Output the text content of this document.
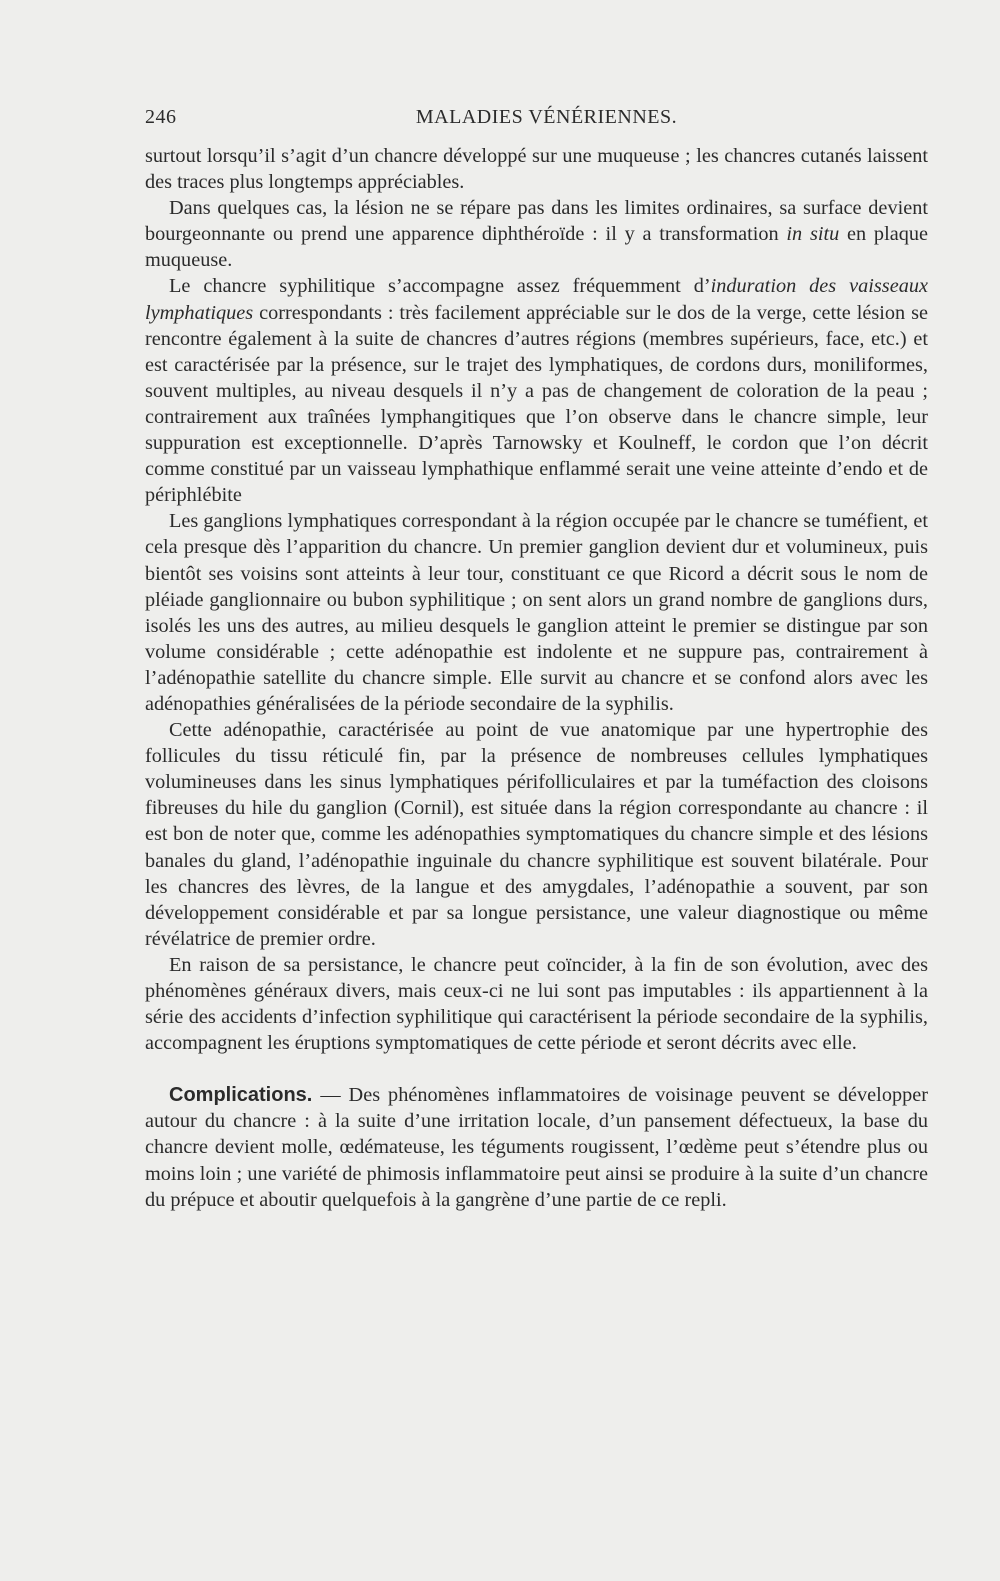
246	MALADIES VÉNÉRIENNES.

surtout lorsqu’il s’agit d’un chancre développé sur une muqueuse ; les chancres cutanés laissent des traces plus longtemps appréciables.

Dans quelques cas, la lésion ne se répare pas dans les limites ordinaires, sa surface devient bourgeonnante ou prend une apparence diphthéroïde : il y a transformation in situ en plaque muqueuse.

Le chancre syphilitique s’accompagne assez fréquemment d’induration des vaisseaux lymphatiques correspondants : très facilement appréciable sur le dos de la verge, cette lésion se rencontre également à la suite de chancres d’autres régions (membres supérieurs, face, etc.) et est caractérisée par la présence, sur le trajet des lymphatiques, de cordons durs, moniliformes, souvent multiples, au niveau desquels il n’y a pas de changement de coloration de la peau ; contrairement aux traînées lymphangitiques que l’on observe dans le chancre simple, leur suppuration est exceptionnelle. D’après Tarnowsky et Koulneff, le cordon que l’on décrit comme constitué par un vaisseau lymphathique enflammé serait une veine atteinte d’endo et de périphlébite

Les ganglions lymphatiques correspondant à la région occupée par le chancre se tuméfient, et cela presque dès l’apparition du chancre. Un premier ganglion devient dur et volumineux, puis bientôt ses voisins sont atteints à leur tour, constituant ce que Ricord a décrit sous le nom de pléiade ganglionnaire ou bubon syphilitique ; on sent alors un grand nombre de ganglions durs, isolés les uns des autres, au milieu desquels le ganglion atteint le premier se distingue par son volume considérable ; cette adénopathie est indolente et ne suppure pas, contrairement à l’adénopathie satellite du chancre simple. Elle survit au chancre et se confond alors avec les adénopathies généralisées de la période secondaire de la syphilis.

Cette adénopathie, caractérisée au point de vue anatomique par une hypertrophie des follicules du tissu réticulé fin, par la présence de nombreuses cellules lymphatiques volumineuses dans les sinus lymphatiques périfolliculaires et par la tuméfaction des cloisons fibreuses du hile du ganglion (Cornil), est située dans la région correspondante au chancre : il est bon de noter que, comme les adénopathies symptomatiques du chancre simple et des lésions banales du gland, l’adénopathie inguinale du chancre syphilitique est souvent bilatérale. Pour les chancres des lèvres, de la langue et des amygdales, l’adénopathie a souvent, par son développement considérable et par sa longue persistance, une valeur diagnostique ou même révélatrice de premier ordre.

En raison de sa persistance, le chancre peut coïncider, à la fin de son évolution, avec des phénomènes généraux divers, mais ceux-ci ne lui sont pas imputables : ils appartiennent à la série des accidents d’infection syphilitique qui caractérisent la période secondaire de la syphilis, accompagnent les éruptions symptomatiques de cette période et seront décrits avec elle.

Complications. — Des phénomènes inflammatoires de voisinage peuvent se développer autour du chancre : à la suite d’une irritation locale, d’un pansement défectueux, la base du chancre devient molle, œdémateuse, les téguments rougissent, l’œdème peut s’étendre plus ou moins loin ; une variété de phimosis inflammatoire peut ainsi se produire à la suite d’un chancre du prépuce et aboutir quelquefois à la gangrène d’une partie de ce repli.
